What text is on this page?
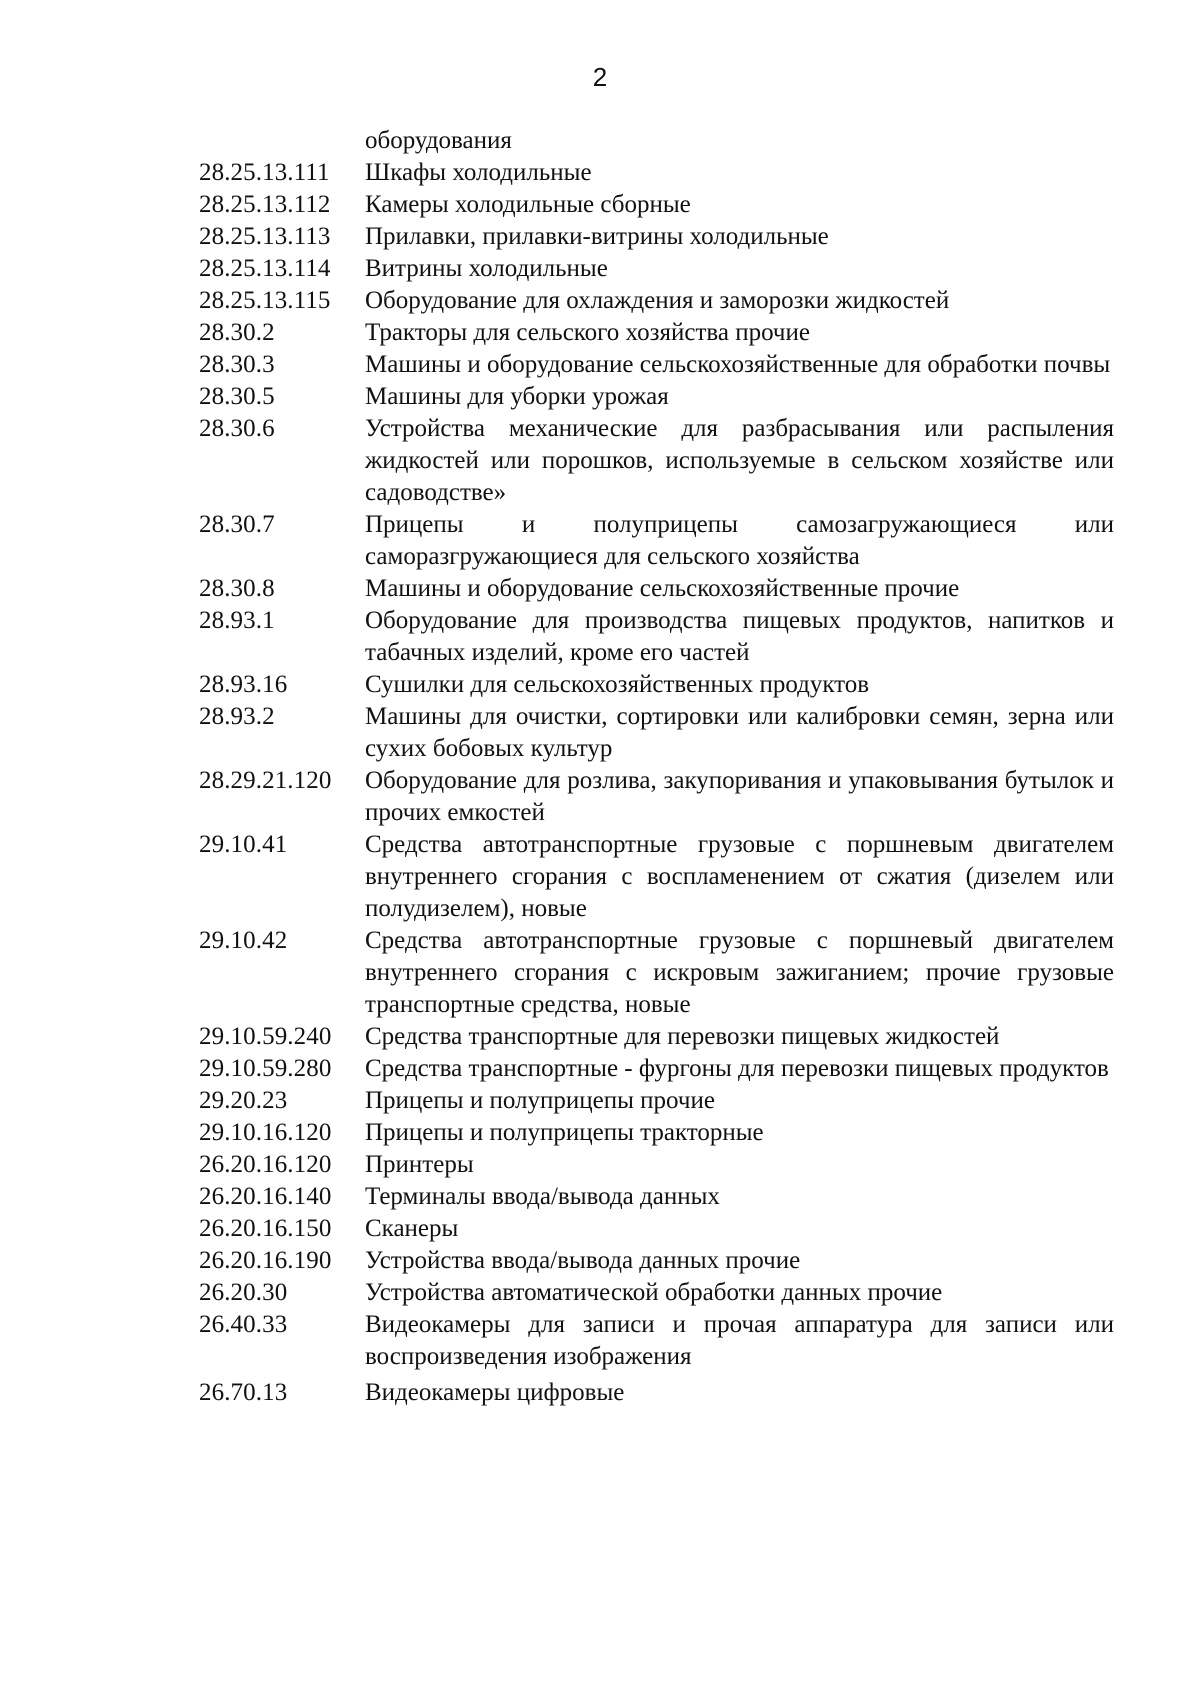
2
оборудования
28.25.13.111	Шкафы холодильные
28.25.13.112	Камеры холодильные сборные
28.25.13.113	Прилавки, прилавки-витрины холодильные
28.25.13.114	Витрины холодильные
28.25.13.115	Оборудование для охлаждения и заморозки жидкостей
28.30.2	Тракторы для сельского хозяйства прочие
28.30.3	Машины и оборудование сельскохозяйственные для обработки почвы
28.30.5	Машины для уборки урожая
28.30.6	Устройства механические для разбрасывания или распыления жидкостей или порошков, используемые в сельском хозяйстве или садоводстве»
28.30.7	Прицепы и полуприцепы самозагружающиеся или саморазгружающиеся для сельского хозяйства
28.30.8	Машины и оборудование сельскохозяйственные прочие
28.93.1	Оборудование для производства пищевых продуктов, напитков и табачных изделий, кроме его частей
28.93.16	Сушилки для сельскохозяйственных продуктов
28.93.2	Машины для очистки, сортировки или калибровки семян, зерна или сухих бобовых культур
28.29.21.120	Оборудование для розлива, закупоривания и упаковывания бутылок и прочих емкостей
29.10.41	Средства автотранспортные грузовые с поршневым двигателем внутреннего сгорания с воспламенением от сжатия (дизелем или полудизелем), новые
29.10.42	Средства автотранспортные грузовые с поршневый двигателем внутреннего сгорания с искровым зажиганием; прочие грузовые транспортные средства, новые
29.10.59.240	Средства транспортные для перевозки пищевых жидкостей
29.10.59.280	Средства транспортные - фургоны для перевозки пищевых продуктов
29.20.23	Прицепы и полуприцепы прочие
29.10.16.120	Прицепы и полуприцепы тракторные
26.20.16.120	Принтеры
26.20.16.140	Терминалы ввода/вывода данных
26.20.16.150	Сканеры
26.20.16.190	Устройства ввода/вывода данных прочие
26.20.30	Устройства автоматической обработки данных прочие
26.40.33	Видеокамеры для записи и прочая аппаратура для записи или воспроизведения изображения
26.70.13	Видеокамеры цифровые
